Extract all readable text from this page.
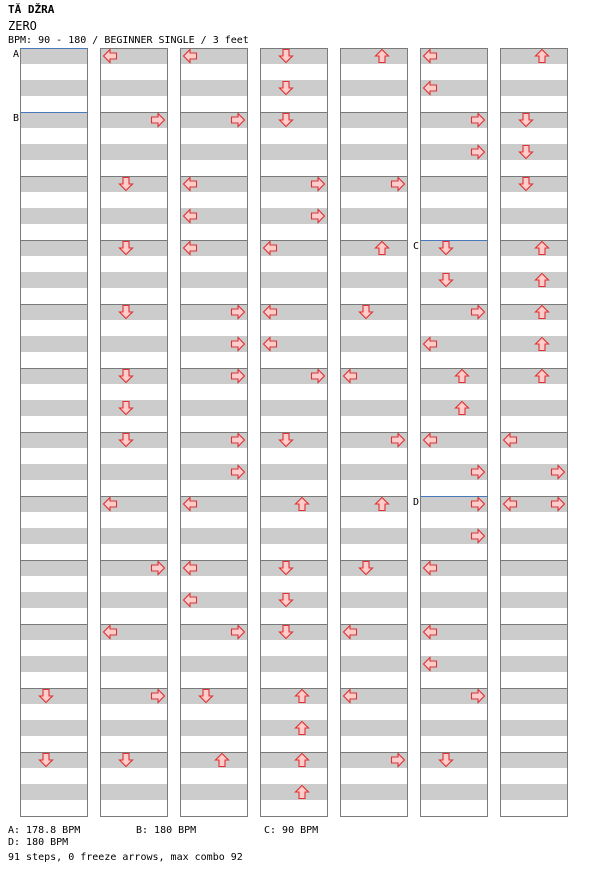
TĂ DŽRA
ZERO
BPM: 90 - 180 / BEGINNER SINGLE / 3 feet
A
B
C
D
A: 178.8 BPM	B: 180 BPM	C: 90 BPM
D: 180 BPM
91 steps, 0 freeze arrows, max combo 92
